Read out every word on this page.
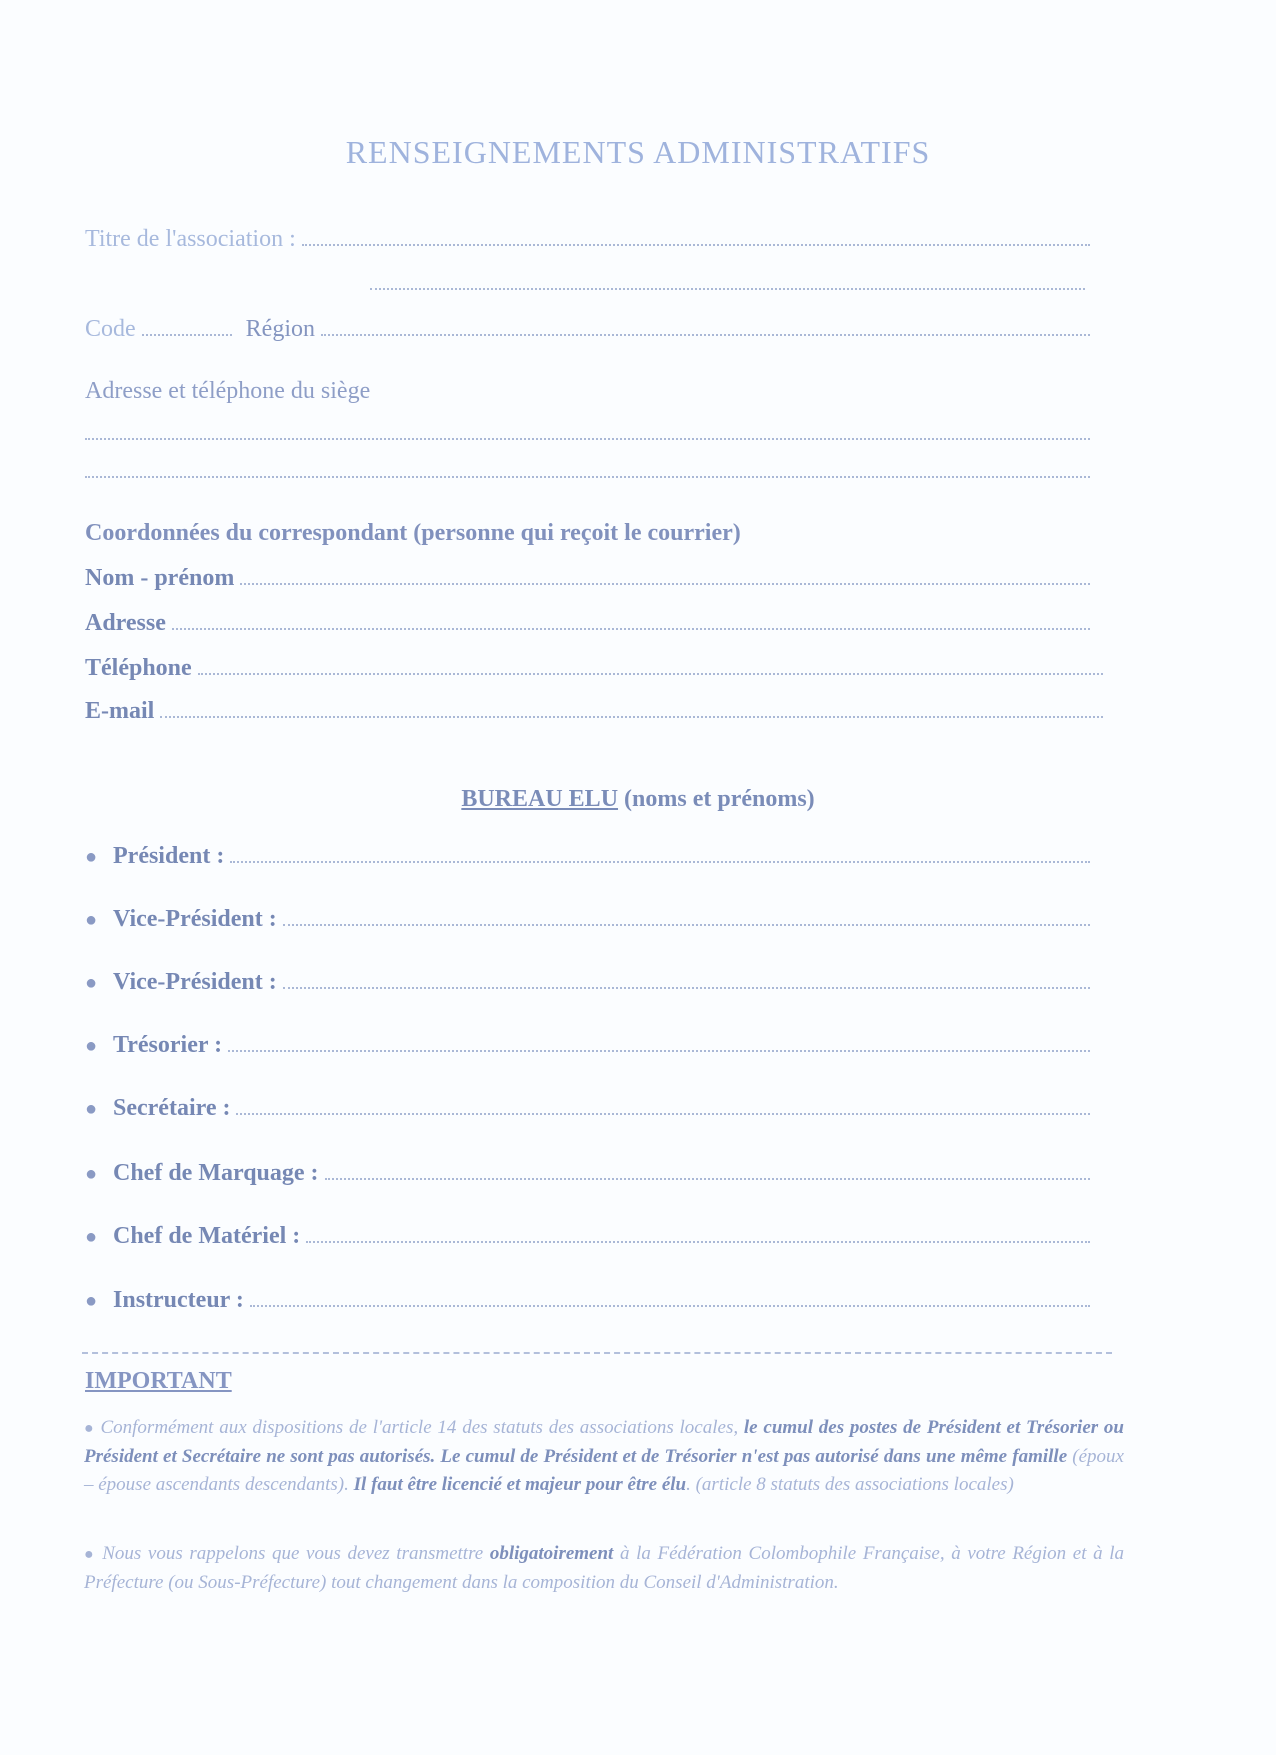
RENSEIGNEMENTS ADMINISTRATIFS
Titre de l'association :
Code	Région
Adresse et téléphone du siège
Coordonnées du correspondant (personne qui reçoit le courrier)
Nom - prénom
Adresse
Téléphone
E-mail
BUREAU ELU (noms et prénoms)
● Président :
● Vice-Président :
● Vice-Président :
● Trésorier :
● Secrétaire :
● Chef de Marquage :
● Chef de Matériel :
● Instructeur :
IMPORTANT

● Conformément aux dispositions de l'article 14 des statuts des associations locales, le cumul des postes de Président et Trésorier ou Président et Secrétaire ne sont pas autorisés. Le cumul de Président et de Trésorier n'est pas autorisé dans une même famille (époux – épouse ascendants descendants). Il faut être licencié et majeur pour être élu. (article 8 statuts des associations locales)

● Nous vous rappelons que vous devez transmettre obligatoirement à la Fédération Colombophile Française, à votre Région et à la Préfecture (ou Sous-Préfecture) tout changement dans la composition du Conseil d'Administration.
